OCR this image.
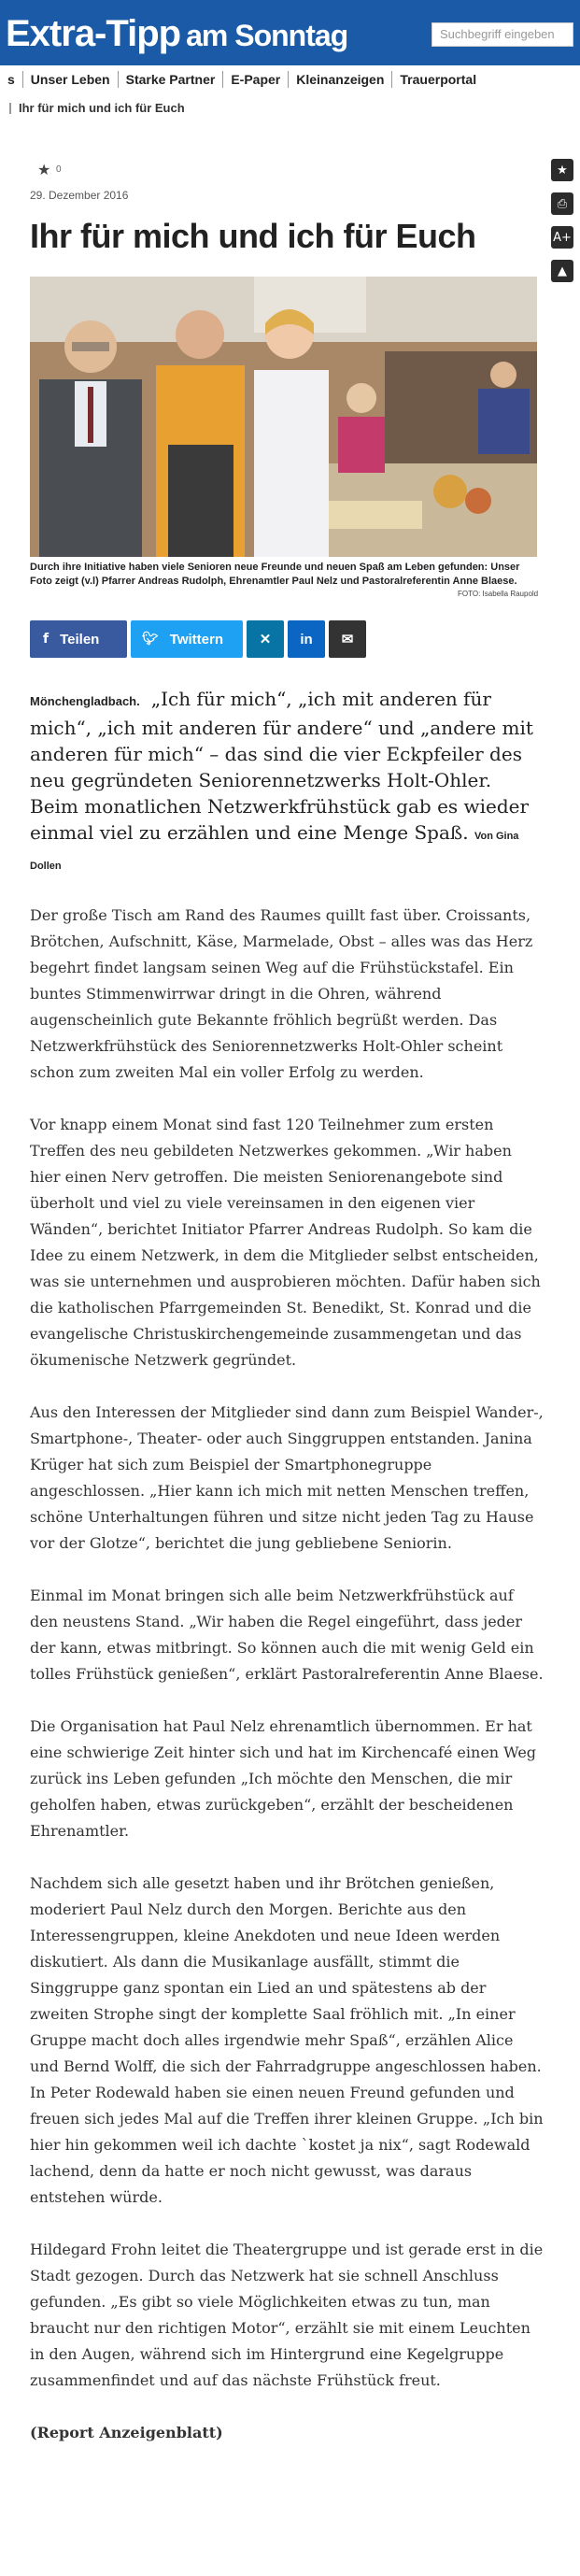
Extra-Tipp am Sonntag	Suchbegriff eingeben
s Unser Leben Starke Partner E-Paper Kleinanzeigen Trauerportal
Ihr für mich und ich für Euch
★
⎙
A+
▲
★ 0
29. Dezember 2016
Ihr für mich und ich für Euch
Durch ihre Initiative haben viele Senioren neue Freunde und neuen Spaß am Leben gefunden: Unser Foto zeigt (v.l) Pfarrer Andreas Rudolph, Ehrenamtler Paul Nelz und Pastoralreferentin Anne Blaese.
FOTO: Isabella Raupold
f Teilen	🐦︎ Twittern	✕ in ✉
Mönchengladbach. „Ich für mich“, „ich mit anderen für mich“, „ich mit anderen für andere“ und „andere mit anderen für mich“ – das sind die vier Eckpfeiler des neu gegründeten Seniorennetzwerks Holt-Ohler. Beim monatlichen Netzwerkfrühstück gab es wieder einmal viel zu erzählen und eine Menge Spaß. Von Gina Dollen

Der große Tisch am Rand des Raumes quillt fast über. Croissants, Brötchen, Aufschnitt, Käse, Marmelade, Obst – alles was das Herz begehrt findet langsam seinen Weg auf die Frühstückstafel. Ein buntes Stimmenwirrwar dringt in die Ohren, während augenscheinlich gute Bekannte fröhlich begrüßt werden. Das Netzwerkfrühstück des Seniorennetzwerks Holt-Ohler scheint schon zum zweiten Mal ein voller Erfolg zu werden.

Vor knapp einem Monat sind fast 120 Teilnehmer zum ersten Treffen des neu gebildeten Netzwerkes gekommen. „Wir haben hier einen Nerv getroffen. Die meisten Seniorenangebote sind überholt und viel zu viele vereinsamen in den eigenen vier Wänden“, berichtet Initiator Pfarrer Andreas Rudolph. So kam die Idee zu einem Netzwerk, in dem die Mitglieder selbst entscheiden, was sie unternehmen und ausprobieren möchten. Dafür haben sich die katholischen Pfarrgemeinden St. Benedikt, St. Konrad und die evangelische Christuskirchengemeinde zusammengetan und das ökumenische Netzwerk gegründet.

Aus den Interessen der Mitglieder sind dann zum Beispiel Wander-, Smartphone-, Theater- oder auch Singgruppen entstanden. Janina Krüger hat sich zum Beispiel der Smartphonegruppe angeschlossen. „Hier kann ich mich mit netten Menschen treffen, schöne Unterhaltungen führen und sitze nicht jeden Tag zu Hause vor der Glotze“, berichtet die jung gebliebene Seniorin.

Einmal im Monat bringen sich alle beim Netzwerkfrühstück auf den neustens Stand. „Wir haben die Regel eingeführt, dass jeder der kann, etwas mitbringt. So können auch die mit wenig Geld ein tolles Frühstück genießen“, erklärt Pastoralreferentin Anne Blaese.

Die Organisation hat Paul Nelz ehrenamtlich übernommen. Er hat eine schwierige Zeit hinter sich und hat im Kirchencafé einen Weg zurück ins Leben gefunden „Ich möchte den Menschen, die mir geholfen haben, etwas zurückgeben“, erzählt der bescheidenen Ehrenamtler.

Nachdem sich alle gesetzt haben und ihr Brötchen genießen, moderiert Paul Nelz durch den Morgen. Berichte aus den Interessengruppen, kleine Anekdoten und neue Ideen werden diskutiert. Als dann die Musikanlage ausfällt, stimmt die Singgruppe ganz spontan ein Lied an und spätestens ab der zweiten Strophe singt der komplette Saal fröhlich mit. „In einer Gruppe macht doch alles irgendwie mehr Spaß“, erzählen Alice und Bernd Wolff, die sich der Fahrradgruppe angeschlossen haben. In Peter Rodewald haben sie einen neuen Freund gefunden und freuen sich jedes Mal auf die Treffen ihrer kleinen Gruppe. „Ich bin hier hin gekommen weil ich dachte `kostet ja nix“, sagt Rodewald lachend, denn da hatte er noch nicht gewusst, was daraus entstehen würde.

Hildegard Frohn leitet die Theatergruppe und ist gerade erst in die Stadt gezogen. Durch das Netzwerk hat sie schnell Anschluss gefunden. „Es gibt so viele Möglichkeiten etwas zu tun, man braucht nur den richtigen Motor“, erzählt sie mit einem Leuchten in den Augen, während sich im Hintergrund eine Kegelgruppe zusammenfindet und auf das nächste Frühstück freut.

(Report Anzeigenblatt)
